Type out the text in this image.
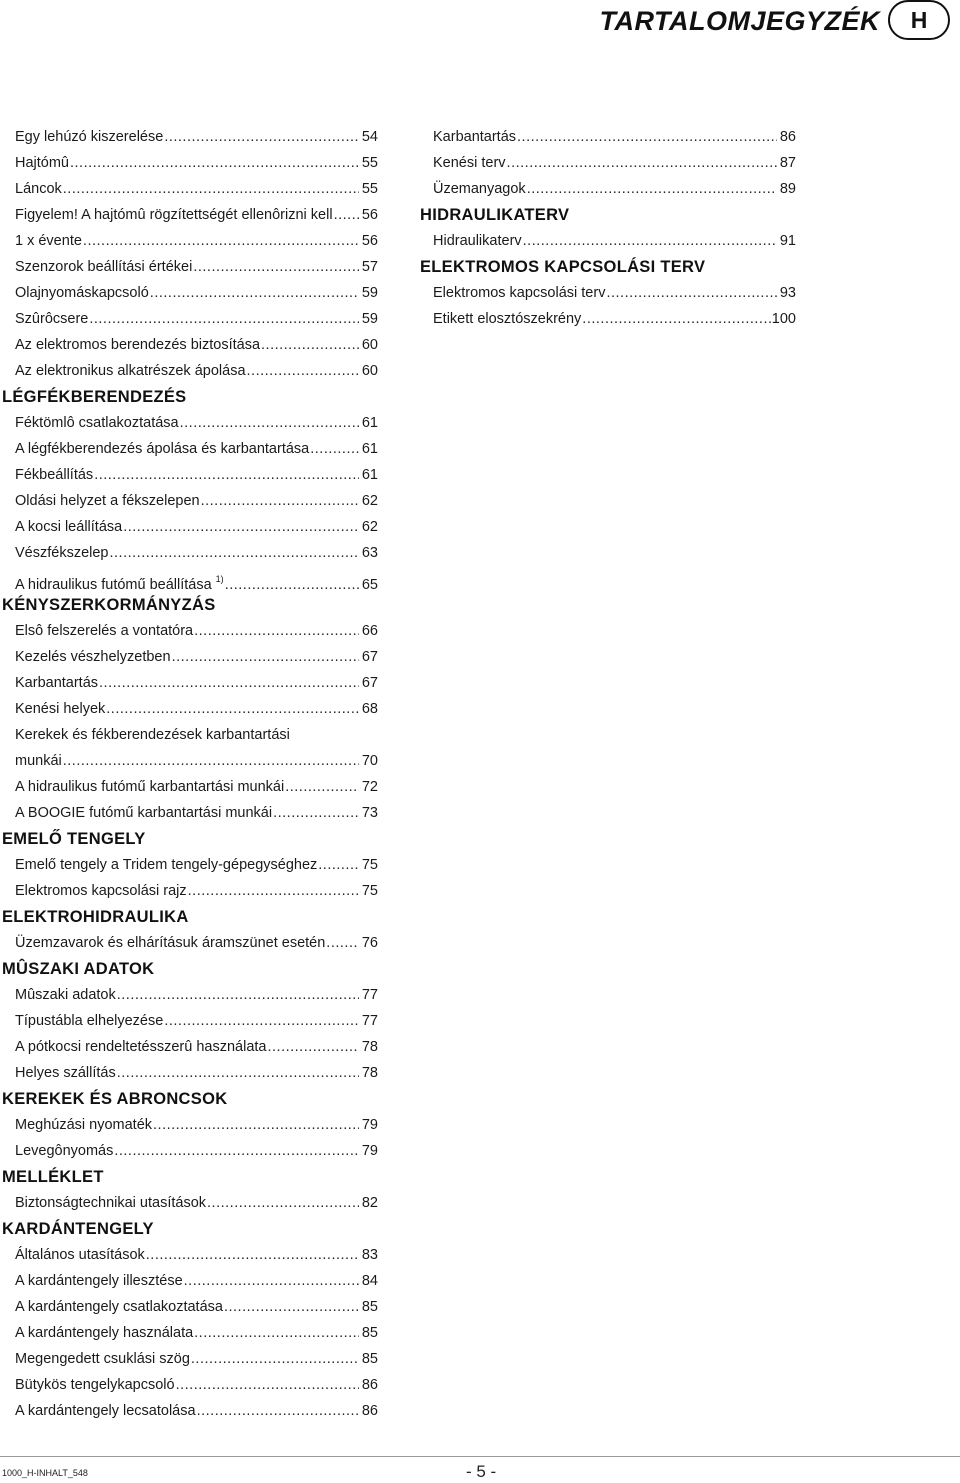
TARTALOMJEGYZÉK	H
Egy lehúzó kiszerelése .....	54
Hajtómû .....	55
Láncok .....	55
Figyelem! A hajtómû rögzítettségét ellenôrizni kell ..... 56
1 x évente .....	56
Szenzorok beállítási értékei .....	57
Olajnyomáskapcsoló .....	59
Szûrôcsere .....	59
Az elektromos berendezés biztosítása .....	60
Az elektronikus alkatrészek ápolása .....	60
LÉGFÉKBERENDEZÉS
Féktömlô csatlakoztatása .....	61
A légfékberendezés ápolása és karbantartása .....	61
Fékbeállítás .....	61
Oldási helyzet a fékszelepen .....	62
A kocsi leállítása .....	62
Vészfékszelep .....	63
A hidraulikus futómű beállítása $^{1)}$ .....	65
KÉNYSZERKORMÁNYZÁS
Elsô felszerelés a vontatóra .....	66
Kezelés vészhelyzetben .....	67
Karbantartás .....	67
Kenési helyek .....	68
Kerekek és fékberendezések karbantartási
munkái .....	70
A hidraulikus futómű karbantartási munkái .....	72
A BOOGIE futómű karbantartási munkái .....	73
EMELŐ TENGELY
Emelő tengely a Tridem tengely-gépegységhez .....	75
Elektromos kapcsolási rajz .....	75
ELEKTROHIDRAULIKA
Üzemzavarok és elhárításuk áramszünet esetén .....	76
MÛSZAKI ADATOK
Mûszaki adatok .....	77
Típustábla elhelyezése .....	77
A pótkocsi rendeltetésszerû használata .....	78
Helyes szállítás .....	78
KEREKEK ÉS ABRONCSOK
Meghúzási nyomaték .....	79
Levegônyomás .....	79
MELLÉKLET
Biztonságtechnikai utasítások .....	82
KARDÁNTENGELY
Általános utasítások .....	83
A kardántengely illesztése .....	84
A kardántengely csatlakoztatása .....	85
A kardántengely használata .....	85
Megengedett csuklási szög .....	85
Bütykös tengelykapcsoló .....	86
A kardántengely lecsatolása .....	86
Karbantartás .....	86
Kenési terv .....	87
Üzemanyagok .....	89
HIDRAULIKATERV
Hidraulikaterv .....	91
ELEKTROMOS KAPCSOLÁSI TERV
Elektromos kapcsolási terv .....	93
Etikett elosztószekrény .....	100
1000_H-INHALT_548	- 5 -
